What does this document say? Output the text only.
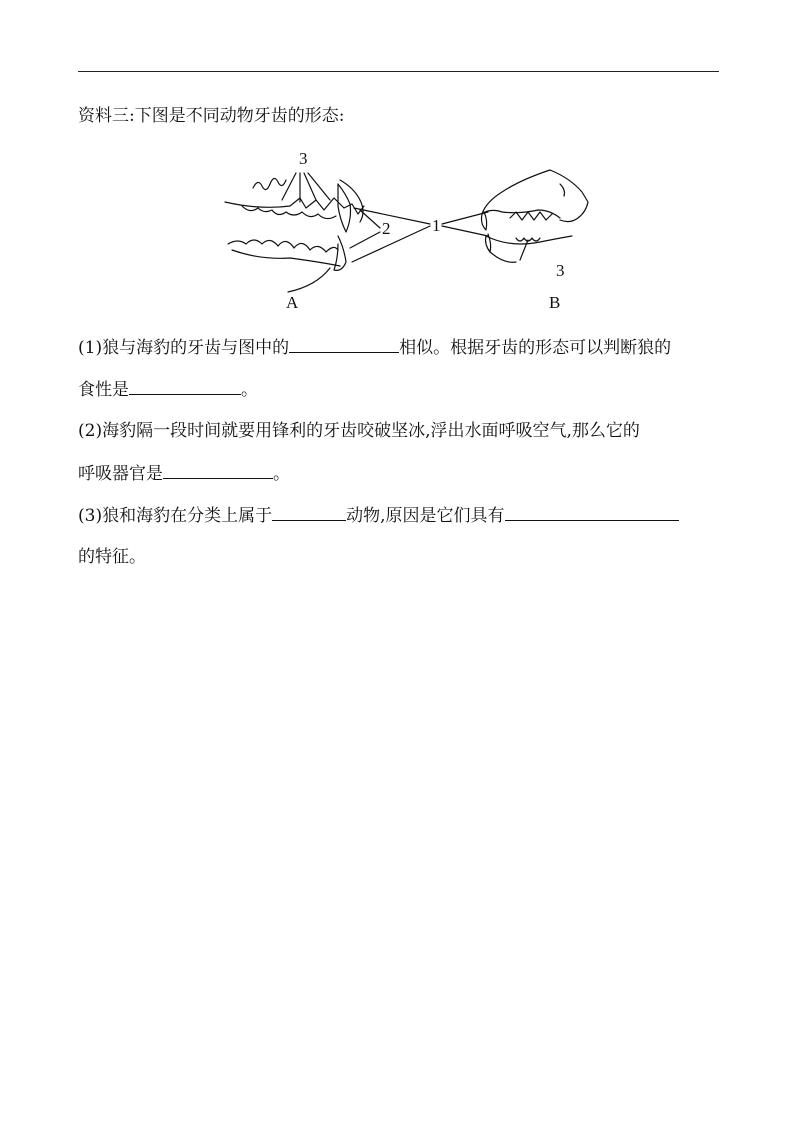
资料三:下图是不同动物牙齿的形态:
3
2 1
3
A	B
(1)狼与海豹的牙齿与图中的	相似。根据牙齿的形态可以判断狼的
食性是	。
(2)海豹隔一段时间就要用锋利的牙齿咬破坚冰,浮出水面呼吸空气,那么它的
呼吸器官是	。
(3)狼和海豹在分类上属于	动物,原因是它们具有
的特征。
